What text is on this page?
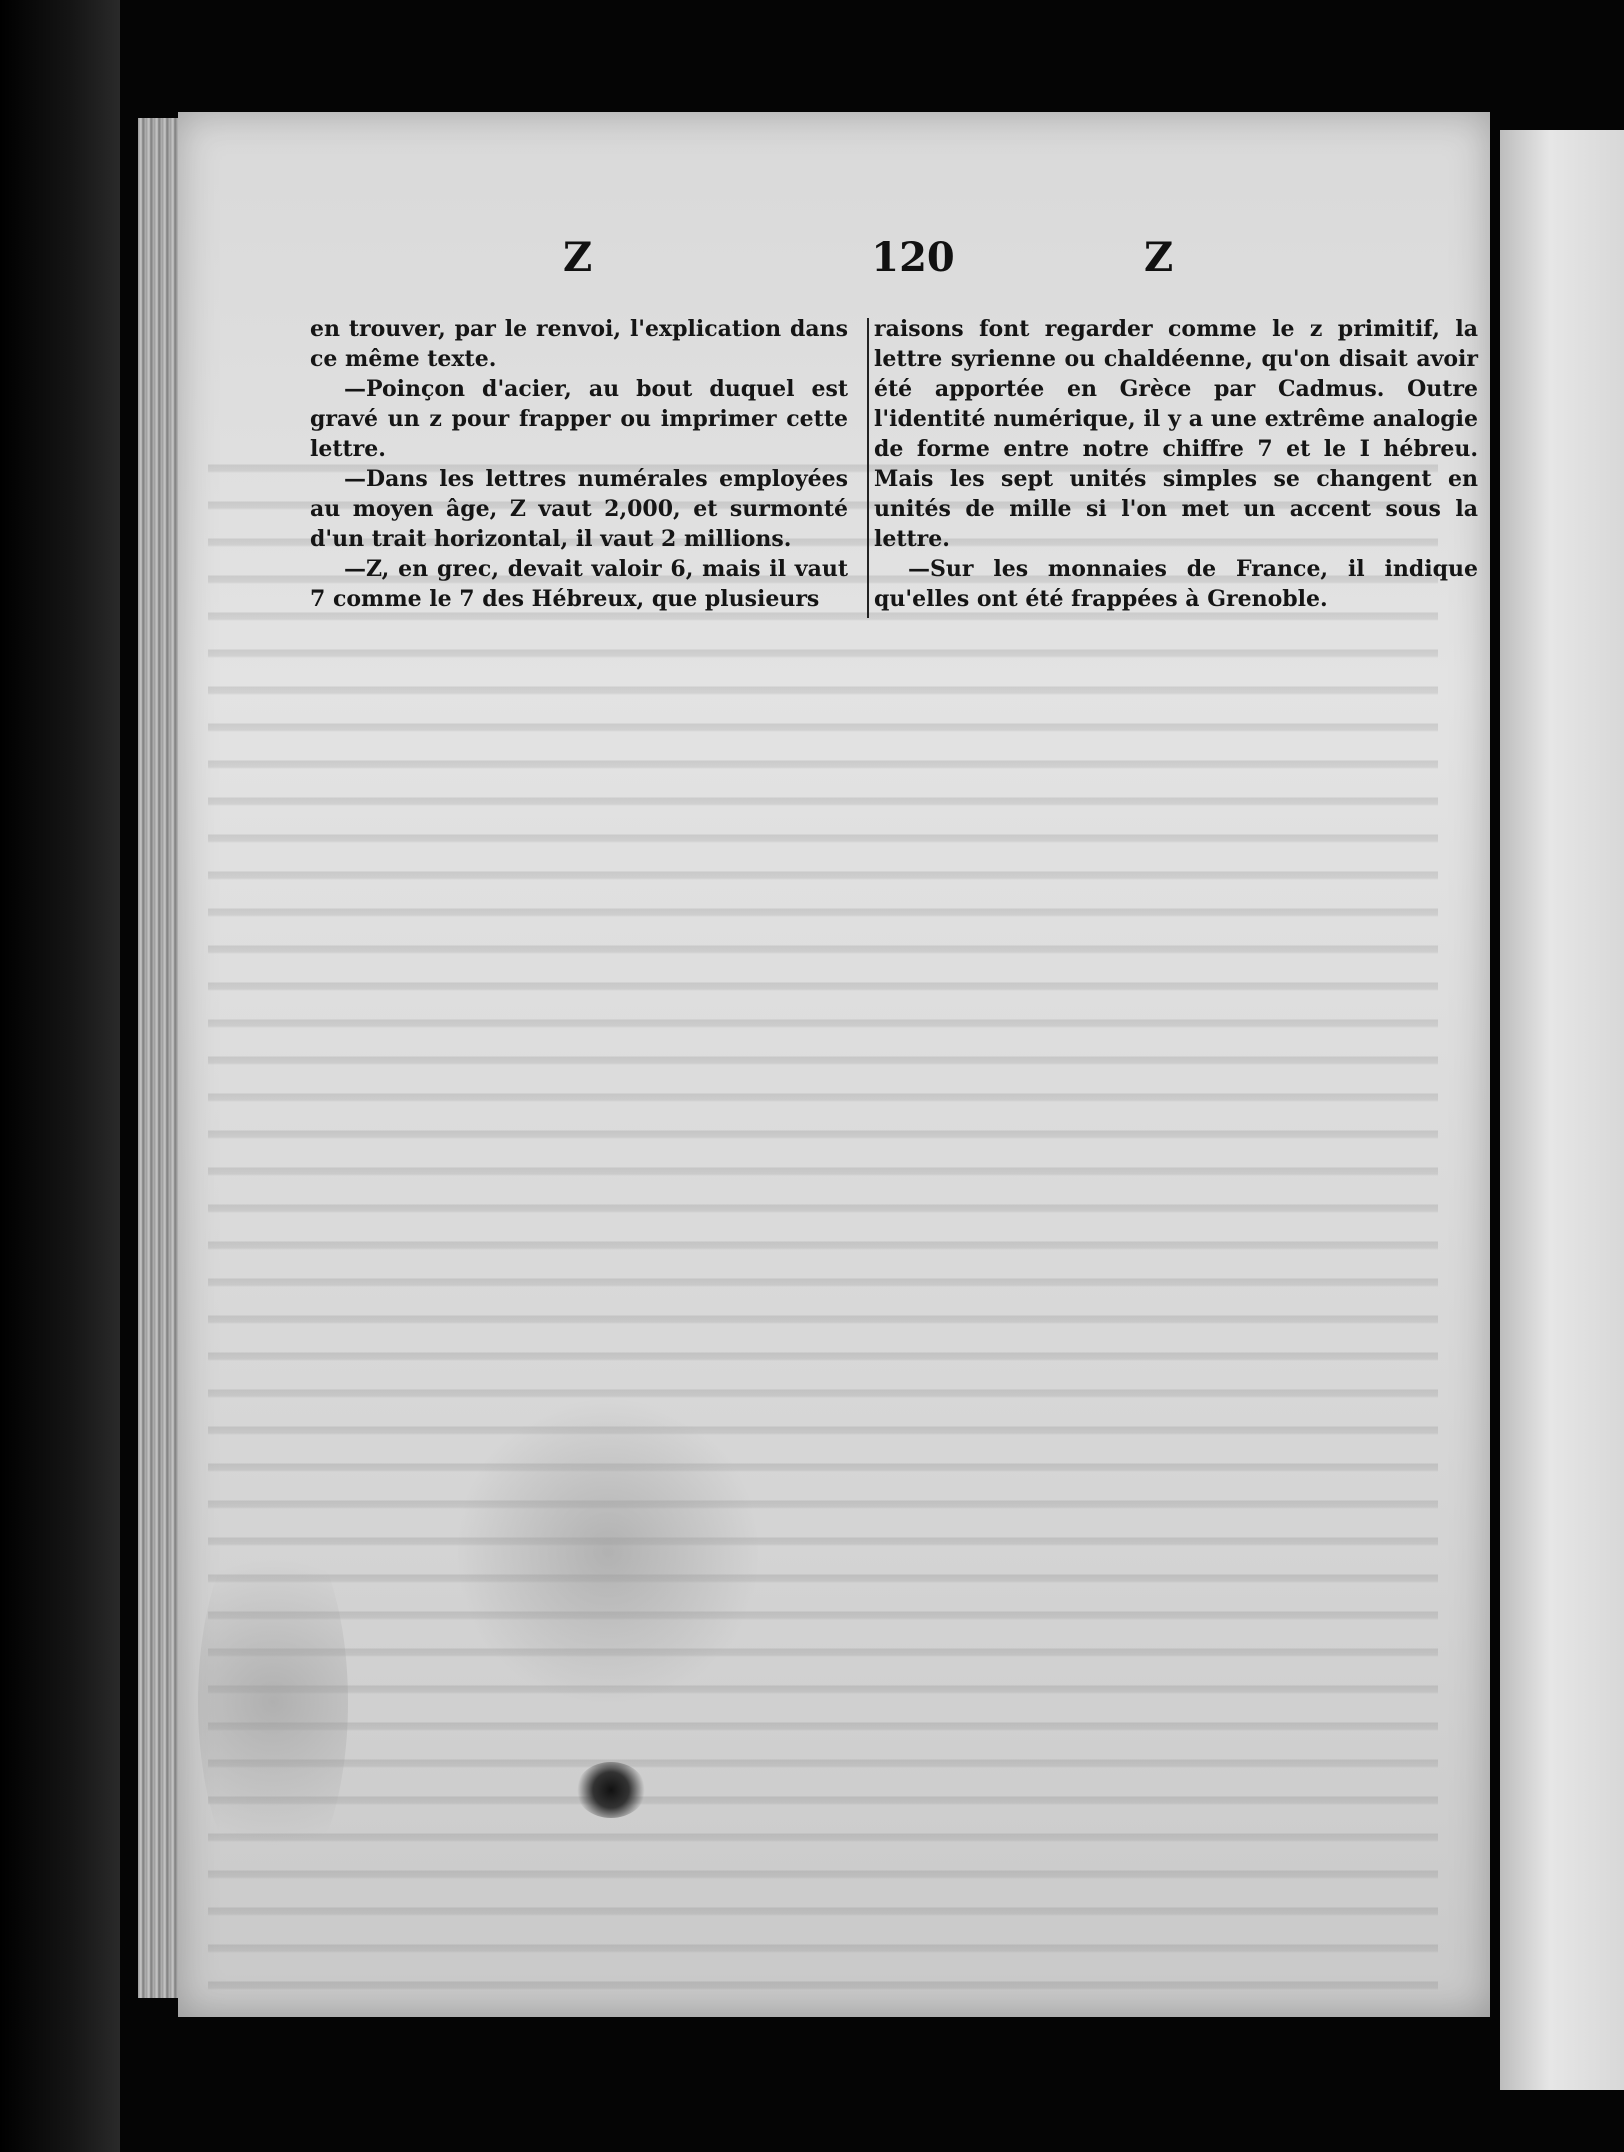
Z	120	Z

en trouver, par le renvoi, l'explication dans ce même texte.

—Poinçon d'acier, au bout duquel est gravé un z pour frapper ou imprimer cette lettre.

—Dans les lettres numérales employées au moyen âge, Z vaut 2,000, et surmonté d'un trait horizontal, il vaut 2 millions.

—Z, en grec, devait valoir 6, mais il vaut 7 comme le 7 des Hébreux, que plusieurs

raisons font regarder comme le z primitif, la lettre syrienne ou chaldéenne, qu'on disait avoir été apportée en Grèce par Cadmus. Outre l'identité numérique, il y a une extrême analogie de forme entre notre chiffre 7 et le I hébreu. Mais les sept unités simples se changent en unités de mille si l'on met un accent sous la lettre.

—Sur les monnaies de France, il indique qu'elles ont été frappées à Grenoble.
